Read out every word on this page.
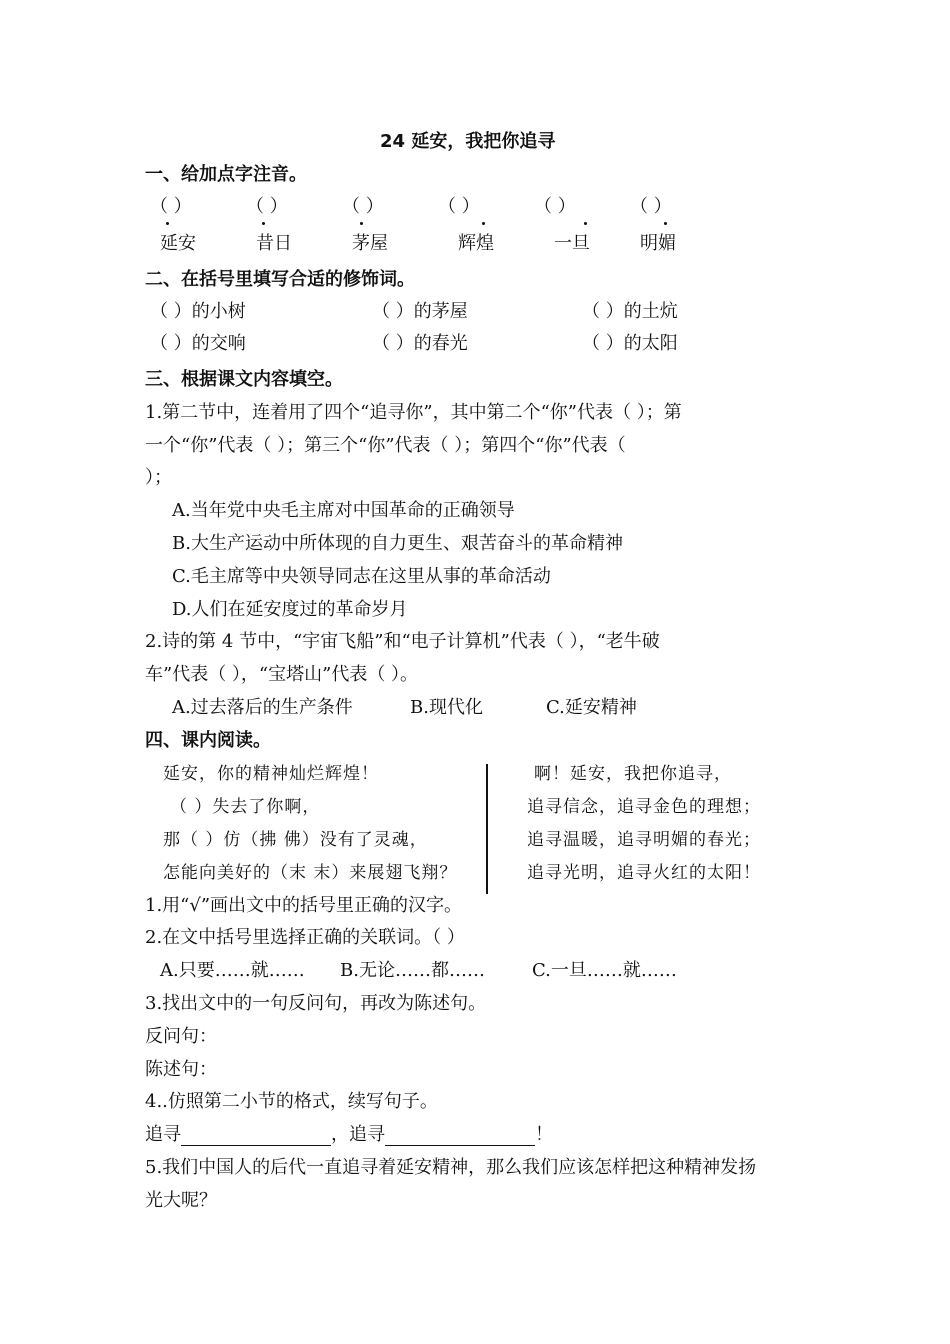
24 延安，我把你追寻
一、给加点字注音。
（ ）	（ ）	（ ）	（ ）	（ ）	（ ）
延安	昔日	茅屋	辉煌	一旦	明媚
二、在括号里填写合适的修饰词。
（ ）的小树	（ ）的茅屋	（ ）的土炕
（ ）的交响	（ ）的春光	（ ）的太阳
三、根据课文内容填空。
1.第二节中，连着用了四个“追寻你”，其中第二个“你”代表（ ）；第
一个“你”代表（ ）；第三个“你”代表（ ）；第四个“你”代表（
）；
A.当年党中央毛主席对中国革命的正确领导
B.大生产运动中所体现的自力更生、艰苦奋斗的革命精神
C.毛主席等中央领导同志在这里从事的革命活动
D.人们在延安度过的革命岁月
2.诗的第 4 节中，“宇宙飞船”和“电子计算机”代表（ ），“老牛破
车”代表（ ），“宝塔山”代表（ ）。
A.过去落后的生产条件	B.现代化	C.延安精神
四、课内阅读。
延安，你的精神灿烂辉煌！
（ ）失去了你啊，
那（ ）仿（拂 佛）没有了灵魂，
怎能向美好的（末 末）来展翅飞翔？
啊！延安，我把你追寻，
追寻信念，追寻金色的理想；
追寻温暖，追寻明媚的春光；
追寻光明，追寻火红的太阳！
1.用“√”画出文中的括号里正确的汉字。
2.在文中括号里选择正确的关联词。（ ）
A.只要……就…… B.无论……都……	C.一旦……就……
3.找出文中的一句反问句，再改为陈述句。
反问句：
陈述句：
4..仿照第二小节的格式，续写句子。
追寻	，追寻	！
5.我们中国人的后代一直追寻着延安精神，那么我们应该怎样把这种精神发扬
光大呢？
